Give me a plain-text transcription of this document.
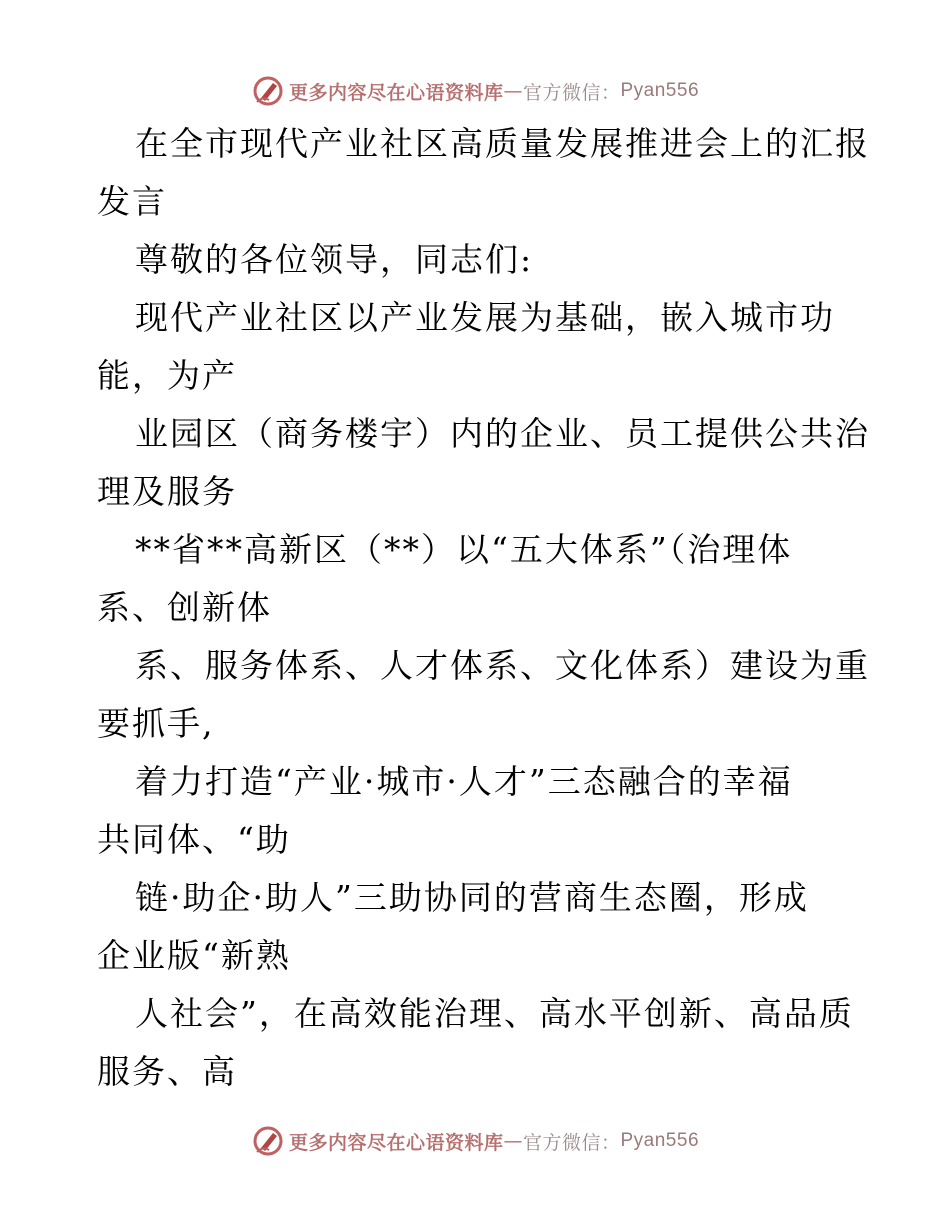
更多内容尽在心语资料库 — 官方微信： Pyan556
在全市现代产业社区高质量发展推进会上的汇报
发言
尊敬的各位领导，同志们:
现代产业社区以产业发展为基础，嵌入城市功
能，为产
业园区（商务楼宇）内的企业、员工提供公共治
理及服务
**省**高新区（**）以“五大体系”（治理体
系、创新体
系、服务体系、人才体系、文化体系）建设为重
要抓手,
着力打造“产业·城市·人才”三态融合的幸福
共同体、“助
链·助企·助人”三助协同的营商生态圈，形成
企业版“新熟
人社会”，在高效能治理、高水平创新、高品质
服务、高
更多内容尽在心语资料库 — 官方微信： Pyan556
